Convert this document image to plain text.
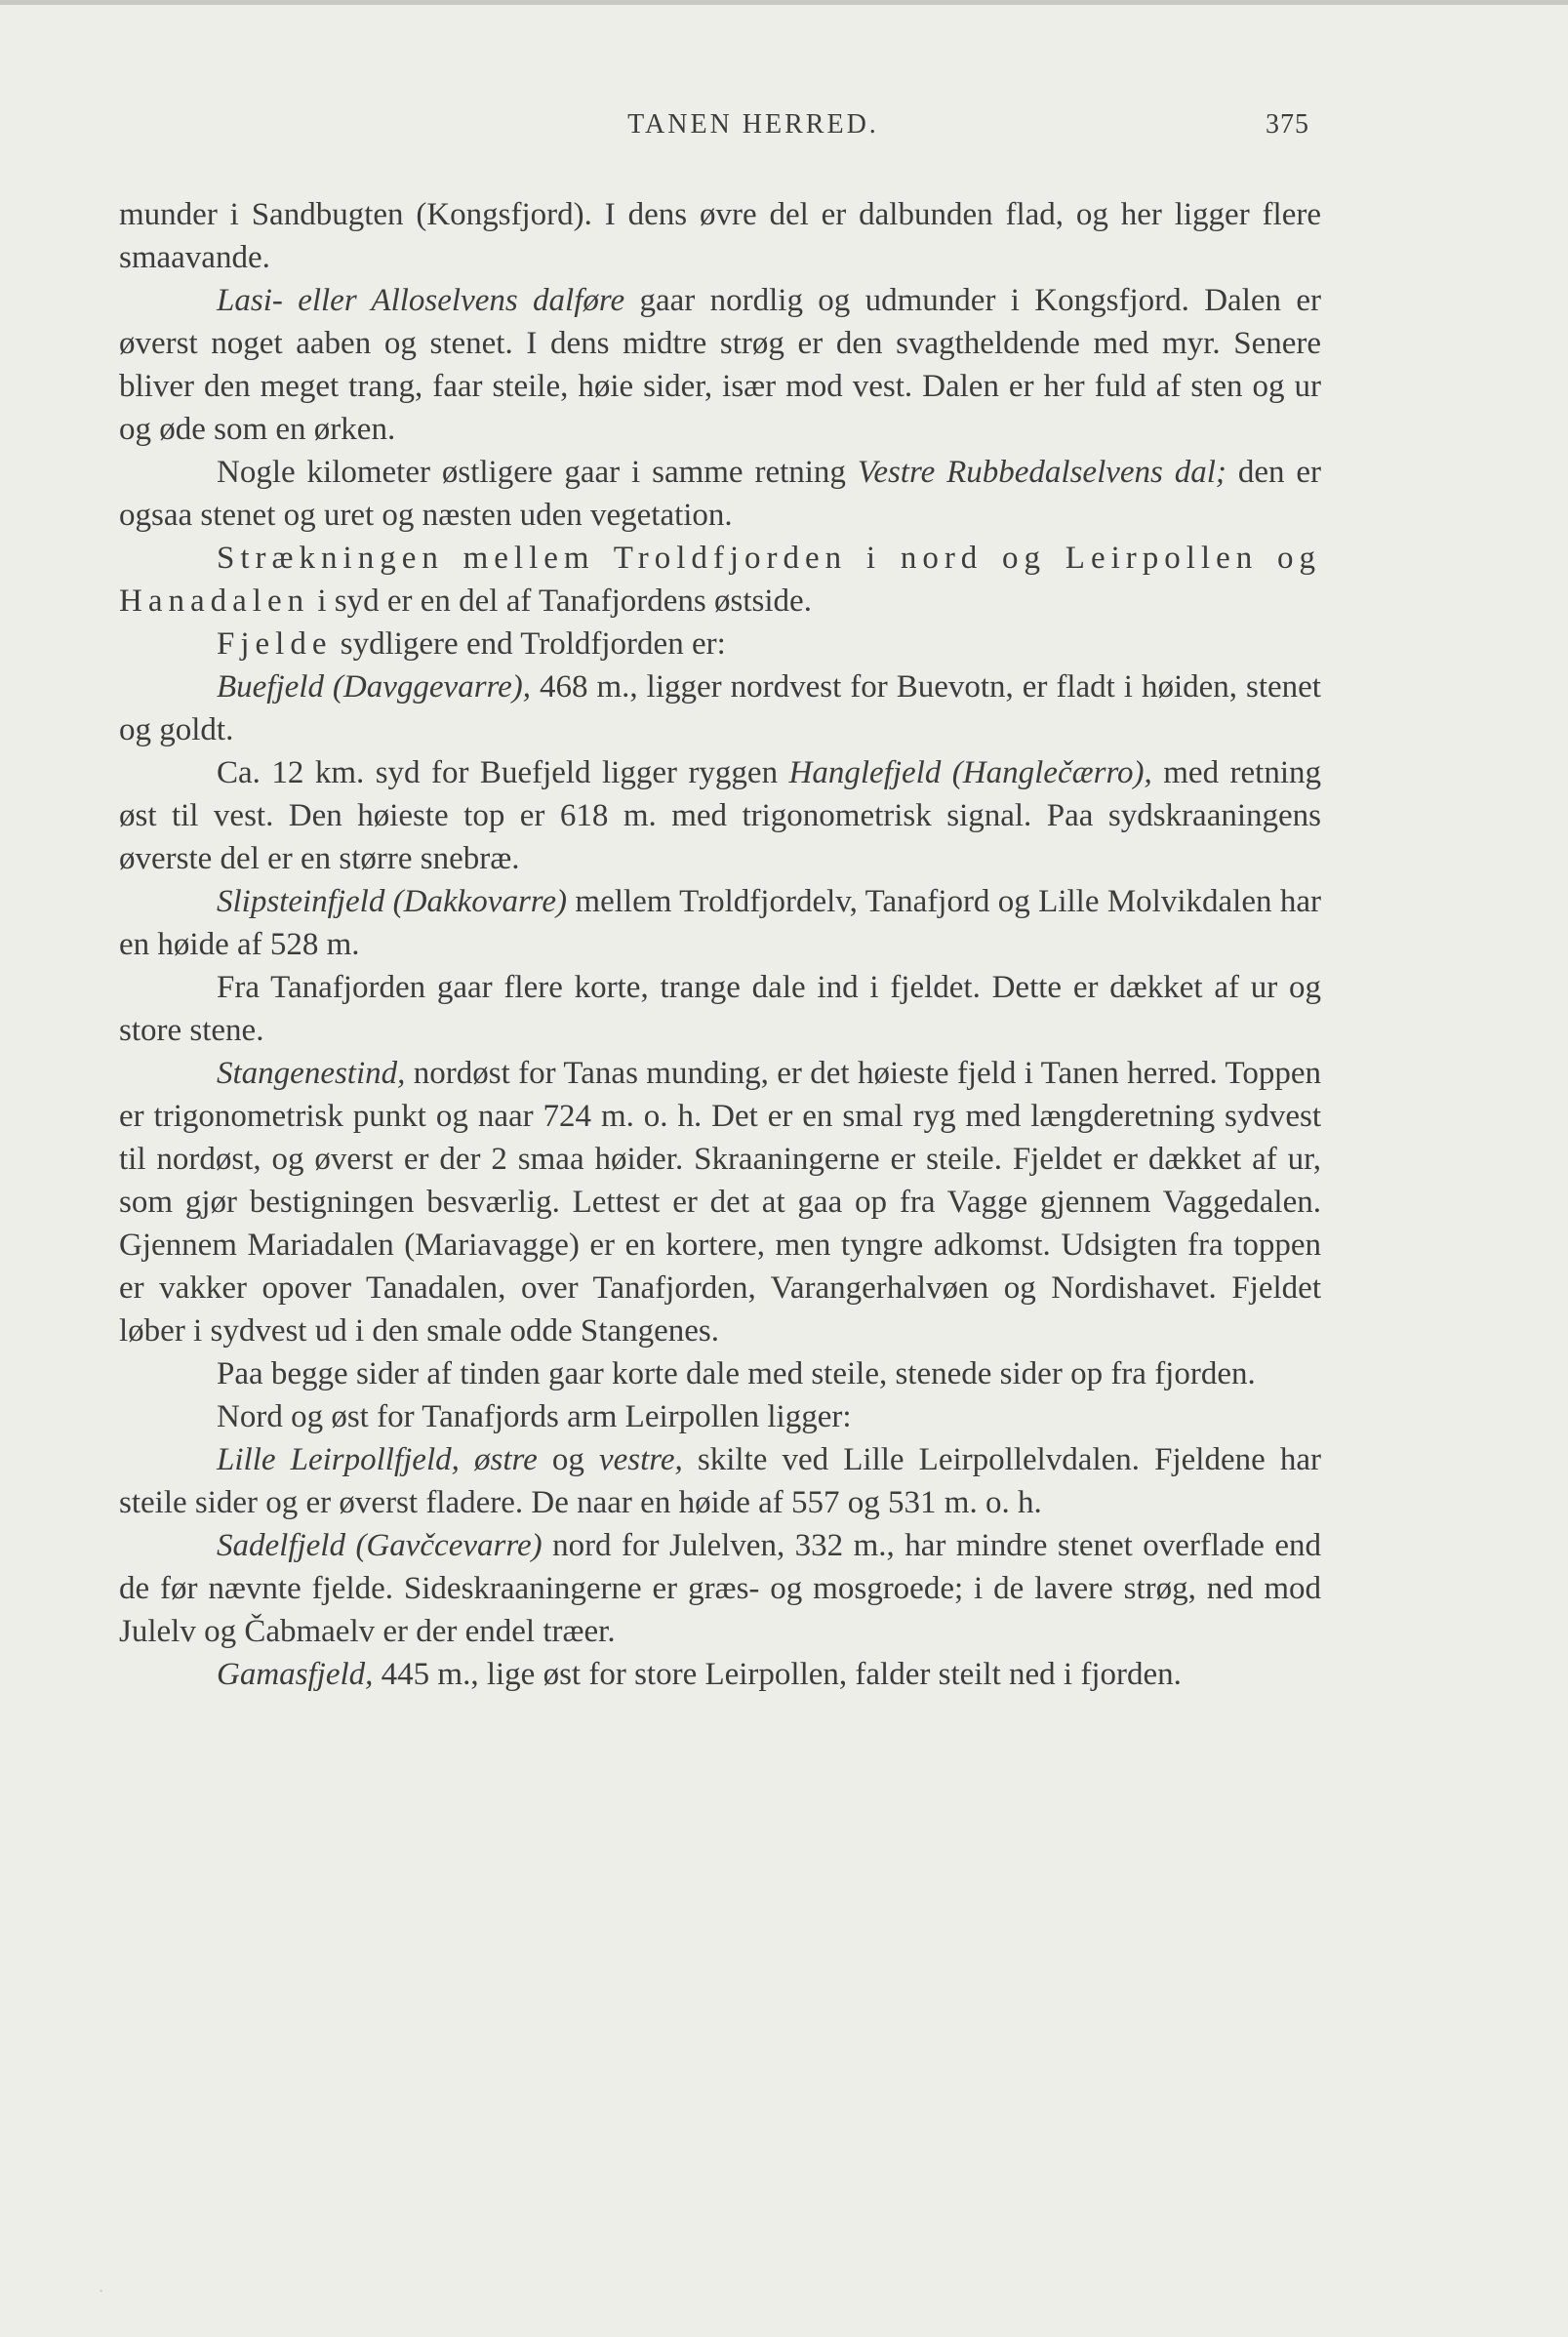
TANEN HERRED.	375

munder i Sandbugten (Kongsfjord). I dens øvre del er dalbunden flad, og her ligger flere smaavande.

Lasi- eller Alloselvens dalføre gaar nordlig og udmunder i Kongsfjord. Dalen er øverst noget aaben og stenet. I dens midtre strøg er den svagtheldende med myr. Senere bliver den meget trang, faar steile, høie sider, især mod vest. Dalen er her fuld af sten og ur og øde som en ørken.

Nogle kilometer østligere gaar i samme retning Vestre Rubbedalselvens dal; den er ogsaa stenet og uret og næsten uden vegetation.

Strækningen mellem Troldfjorden i nord og Leirpollen og Hanadalen i syd er en del af Tanafjordens østside.

Fjelde sydligere end Troldfjorden er:

Buefjeld (Davggevarre), 468 m., ligger nordvest for Buevotn, er fladt i høiden, stenet og goldt.

Ca. 12 km. syd for Buefjeld ligger ryggen Hanglefjeld (Hanglečærro), med retning øst til vest. Den høieste top er 618 m. med trigonometrisk signal. Paa sydskraaningens øverste del er en større snebræ.

Slipsteinfjeld (Dakkovarre) mellem Troldfjordelv, Tanafjord og Lille Molvikdalen har en høide af 528 m.

Fra Tanafjorden gaar flere korte, trange dale ind i fjeldet. Dette er dækket af ur og store stene.

Stangenestind, nordøst for Tanas munding, er det høieste fjeld i Tanen herred. Toppen er trigonometrisk punkt og naar 724 m. o. h. Det er en smal ryg med længderetning sydvest til nordøst, og øverst er der 2 smaa høider. Skraaningerne er steile. Fjeldet er dækket af ur, som gjør bestigningen besværlig. Lettest er det at gaa op fra Vagge gjennem Vaggedalen. Gjennem Mariadalen (Mariavagge) er en kortere, men tyngre adkomst. Udsigten fra toppen er vakker opover Tanadalen, over Tanafjorden, Varangerhalvøen og Nordishavet. Fjeldet løber i sydvest ud i den smale odde Stangenes.

Paa begge sider af tinden gaar korte dale med steile, stenede sider op fra fjorden.

Nord og øst for Tanafjords arm Leirpollen ligger:

Lille Leirpollfjeld, østre og vestre, skilte ved Lille Leirpollelvdalen. Fjeldene har steile sider og er øverst fladere. De naar en høide af 557 og 531 m. o. h.

Sadelfjeld (Gavčcevarre) nord for Julelven, 332 m., har mindre stenet overflade end de før nævnte fjelde. Sideskraaningerne er græs- og mosgroede; i de lavere strøg, ned mod Julelv og Čabmaelv er der endel træer.

Gamasfjeld, 445 m., lige øst for store Leirpollen, falder steilt ned i fjorden.

·
